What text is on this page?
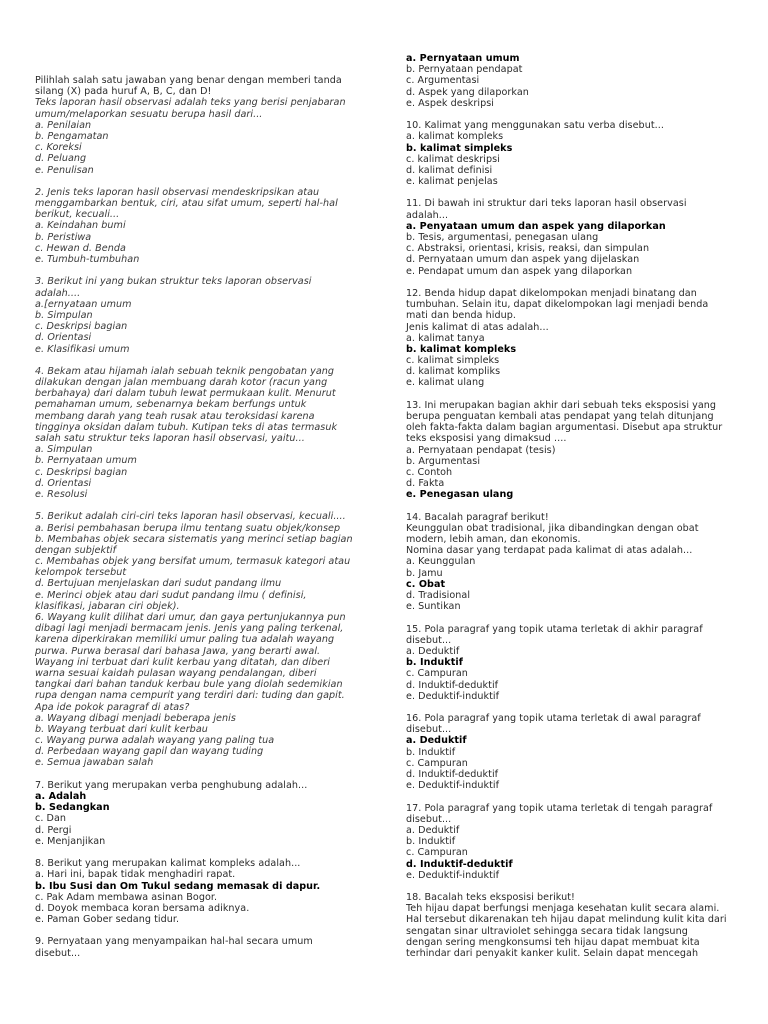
Pilihlah salah satu jawaban yang benar dengan memberi tanda
silang (X) pada huruf A, B, C, dan D!
Teks laporan hasil observasi adalah teks yang berisi penjabaran
umum/melaporkan sesuatu berupa hasil dari...
a. Penilaian
b. Pengamatan
c. Koreksi
d. Peluang
e. Penulisan
2. Jenis teks laporan hasil observasi mendeskripsikan atau
menggambarkan bentuk, ciri, atau sifat umum, seperti hal-hal
berikut, kecuali...
a. Keindahan bumi
b. Peristiwa
c. Hewan d. Benda
e. Tumbuh-tumbuhan
3. Berikut ini yang bukan struktur teks laporan observasi
adalah....
a.[ernyataan umum
b. Simpulan
c. Deskripsi bagian
d. Orientasi
e. Klasifikasi umum
4. Bekam atau hijamah ialah sebuah teknik pengobatan yang
dilakukan dengan jalan membuang darah kotor (racun yang
berbahaya) dari dalam tubuh lewat permukaan kulit. Menurut
pemahaman umum, sebenarnya bekam berfungs untuk
membang darah yang teah rusak atau teroksidasi karena
tingginya oksidan dalam tubuh. Kutipan teks di atas termasuk
salah satu struktur teks laporan hasil observasi, yaitu...
a. Simpulan
b. Pernyataan umum
c. Deskripsi bagian
d. Orientasi
e. Resolusi
5. Berikut adalah ciri-ciri teks laporan hasil observasi, kecuali....
a. Berisi pembahasan berupa ilmu tentang suatu objek/konsep
b. Membahas objek secara sistematis yang merinci setiap bagian
dengan subjektif
c. Membahas objek yang bersifat umum, termasuk kategori atau
kelompok tersebut
d. Bertujuan menjelaskan dari sudut pandang ilmu
e. Merinci objek atau dari sudut pandang ilmu ( definisi,
klasifikasi, jabaran ciri objek).
6. Wayang kulit dilihat dari umur, dan gaya pertunjukannya pun
dibagi lagi menjadi bermacam jenis. Jenis yang paling terkenal,
karena diperkirakan memiliki umur paling tua adalah wayang
purwa. Purwa berasal dari bahasa Jawa, yang berarti awal.
Wayang ini terbuat dari kulit kerbau yang ditatah, dan diberi
warna sesuai kaidah pulasan wayang pendalangan, diberi
tangkai dari bahan tanduk kerbau bule yang diolah sedemikian
rupa dengan nama cempurit yang terdiri dari: tuding dan gapit.
Apa ide pokok paragraf di atas?
a. Wayang dibagi menjadi beberapa jenis
b. Wayang terbuat dari kulit kerbau
c. Wayang purwa adalah wayang yang paling tua
d. Perbedaan wayang gapil dan wayang tuding
e. Semua jawaban salah
7. Berikut yang merupakan verba penghubung adalah...
a. Adalah
b. Sedangkan
c. Dan
d. Pergi
e. Menjanjikan
8. Berikut yang merupakan kalimat kompleks adalah...
a. Hari ini, bapak tidak menghadiri rapat.
b. Ibu Susi dan Om Tukul sedang memasak di dapur.
c. Pak Adam membawa asinan Bogor.
d. Doyok membaca koran bersama adiknya.
e. Paman Gober sedang tidur.
9. Pernyataan yang menyampaikan hal-hal secara umum
disebut...
a. Pernyataan umum
b. Pernyataan pendapat
c. Argumentasi
d. Aspek yang dilaporkan
e. Aspek deskripsi
10. Kalimat yang menggunakan satu verba disebut...
a. kalimat kompleks
b. kalimat simpleks
c. kalimat deskripsi
d. kalimat definisi
e. kalimat penjelas
11. Di bawah ini struktur dari teks laporan hasil observasi
adalah...
a. Penyataan umum dan aspek yang dilaporkan
b. Tesis, argumentasi, penegasan ulang
c. Abstraksi, orientasi, krisis, reaksi, dan simpulan
d. Pernyataan umum dan aspek yang dijelaskan
e. Pendapat umum dan aspek yang dilaporkan
12. Benda hidup dapat dikelompokan menjadi binatang dan
tumbuhan. Selain itu, dapat dikelompokan lagi menjadi benda
mati dan benda hidup.
Jenis kalimat di atas adalah...
a. kalimat tanya
b. kalimat kompleks
c. kalimat simpleks
d. kalimat kompliks
e. kalimat ulang
13. Ini merupakan bagian akhir dari sebuah teks eksposisi yang
berupa penguatan kembali atas pendapat yang telah ditunjang
oleh fakta-fakta dalam bagian argumentasi. Disebut apa struktur
teks eksposisi yang dimaksud ....
a. Pernyataan pendapat (tesis)
b. Argumentasi
c. Contoh
d. Fakta
e. Penegasan ulang
14. Bacalah paragraf berikut!
Keunggulan obat tradisional, jika dibandingkan dengan obat
modern, lebih aman, dan ekonomis.
Nomina dasar yang terdapat pada kalimat di atas adalah...
a. Keunggulan
b. Jamu
c. Obat
d. Tradisional
e. Suntikan
15. Pola paragraf yang topik utama terletak di akhir paragraf
disebut...
a. Deduktif
b. Induktif
c. Campuran
d. Induktif-deduktif
e. Deduktif-induktif
16. Pola paragraf yang topik utama terletak di awal paragraf
disebut...
a. Deduktif
b. Induktif
c. Campuran
d. Induktif-deduktif
e. Deduktif-induktif
17. Pola paragraf yang topik utama terletak di tengah paragraf
disebut...
a. Deduktif
b. Induktif
c. Campuran
d. Induktif-deduktif
e. Deduktif-induktif
18. Bacalah teks eksposisi berikut!
Teh hijau dapat berfungsi menjaga kesehatan kulit secara alami.
Hal tersebut dikarenakan teh hijau dapat melindung kulit kita dari
sengatan sinar ultraviolet sehingga secara tidak langsung
dengan sering mengkonsumsi teh hijau dapat membuat kita
terhindar dari penyakit kanker kulit. Selain dapat mencegah
